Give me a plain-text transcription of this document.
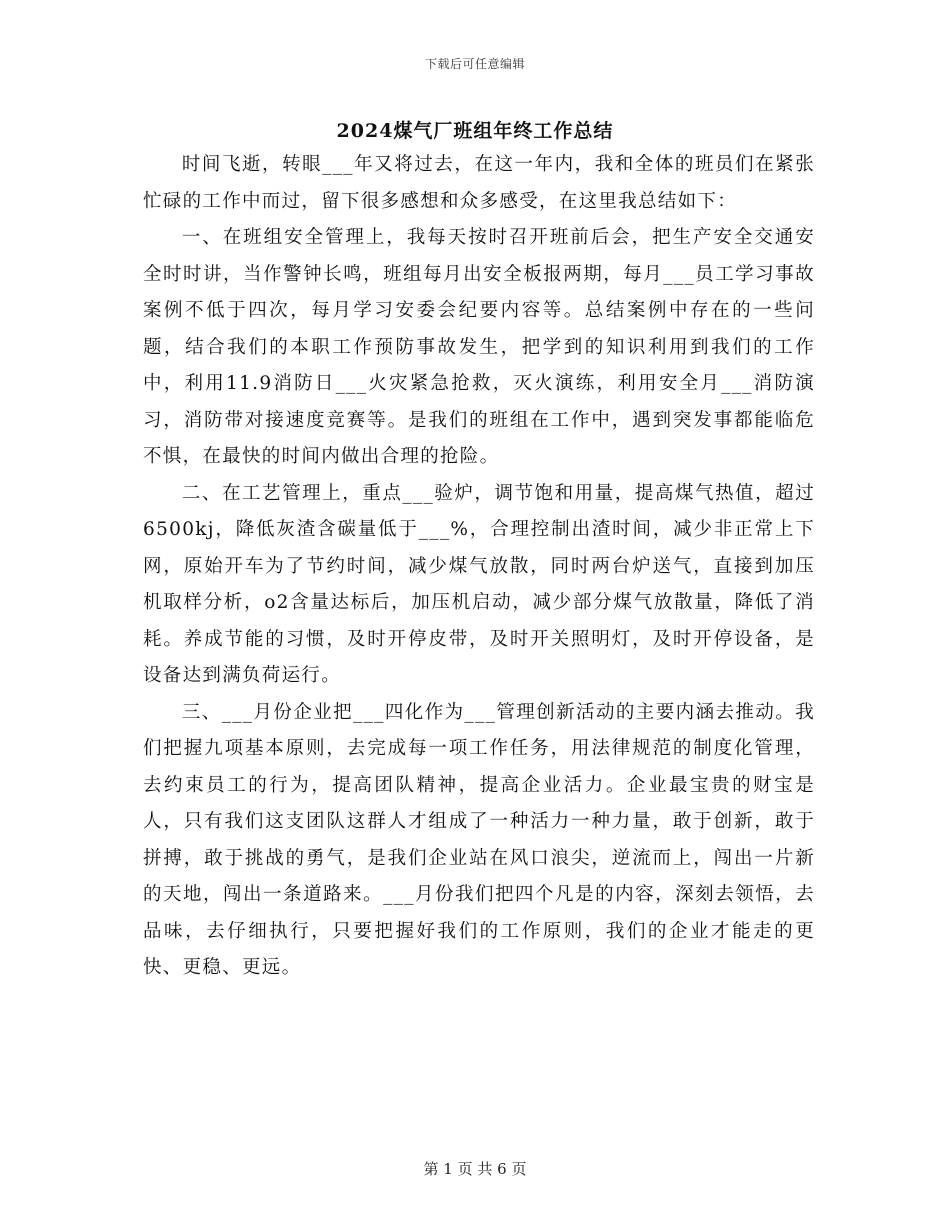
下载后可任意编辑
2024煤气厂班组年终工作总结

时间飞逝，转眼___年又将过去，在这一年内，我和全体的班员们在紧张忙碌的工作中而过，留下很多感想和众多感受，在这里我总结如下：

一、在班组安全管理上，我每天按时召开班前后会，把生产安全交通安全时时讲，当作警钟长鸣，班组每月出安全板报两期，每月___员工学习事故案例不低于四次，每月学习安委会纪要内容等。总结案例中存在的一些问题，结合我们的本职工作预防事故发生，把学到的知识利用到我们的工作中，利用11.9消防日___火灾紧急抢救，灭火演练，利用安全月___消防演习，消防带对接速度竞赛等。是我们的班组在工作中，遇到突发事都能临危不惧，在最快的时间内做出合理的抢险。

二、在工艺管理上，重点___验炉，调节饱和用量，提高煤气热值，超过6500kj，降低灰渣含碳量低于___%，合理控制出渣时间，减少非正常上下网，原始开车为了节约时间，减少煤气放散，同时两台炉送气，直接到加压机取样分析，o2含量达标后，加压机启动，减少部分煤气放散量，降低了消耗。养成节能的习惯，及时开停皮带，及时开关照明灯，及时开停设备，是设备达到满负荷运行。

三、___月份企业把___四化作为___管理创新活动的主要内涵去推动。我们把握九项基本原则，去完成每一项工作任务，用法律规范的制度化管理，去约束员工的行为，提高团队精神，提高企业活力。企业最宝贵的财宝是人，只有我们这支团队这群人才组成了一种活力一种力量，敢于创新，敢于拼搏，敢于挑战的勇气，是我们企业站在风口浪尖，逆流而上，闯出一片新的天地，闯出一条道路来。___月份我们把四个凡是的内容，深刻去领悟，去品味，去仔细执行，只要把握好我们的工作原则，我们的企业才能走的更快、更稳、更远。

第 1 页 共 6 页
